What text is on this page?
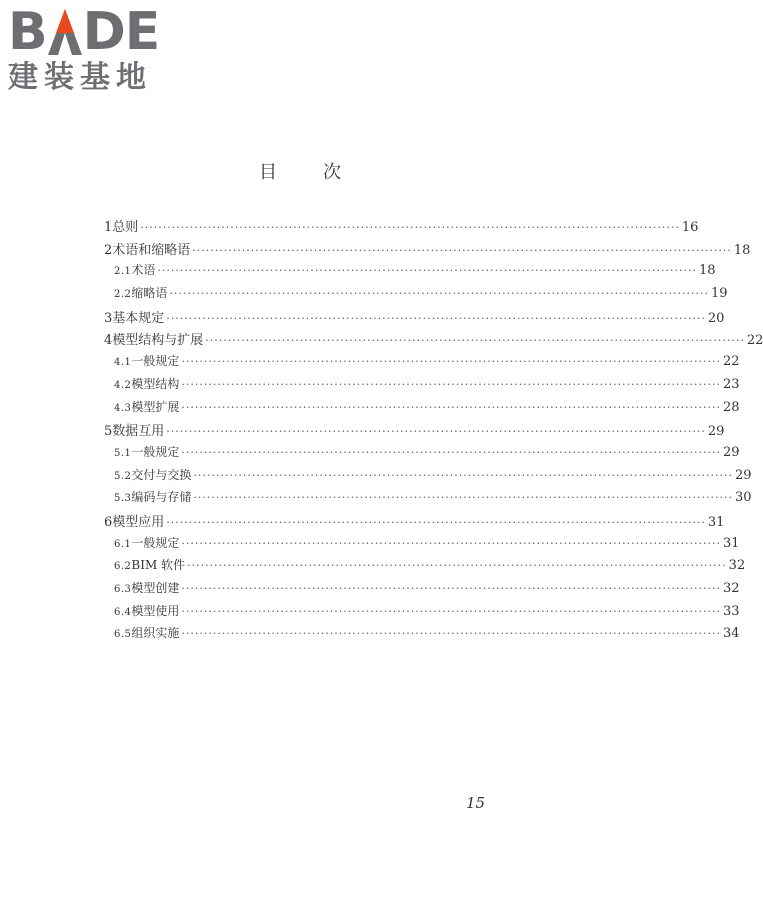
B DE
建装基地
目次
1 总则 ························································································································ 16
2 术语和缩略语 ························································································································ 18
2.1 术语 ························································································································ 18
2.2 缩略语 ························································································································ 19
3 基本规定 ························································································································ 20
4 模型结构与扩展 ························································································································ 22
4.1 一般规定 ························································································································ 22
4.2 模型结构 ························································································································ 23
4.3 模型扩展 ························································································································ 28
5 数据互用 ························································································································ 29
5.1 一般规定 ························································································································ 29
5.2 交付与交换 ························································································································ 29
5.3 编码与存储 ························································································································ 30
6 模型应用 ························································································································ 31
6.1 一般规定 ························································································································ 31
6.2 BIM 软件 ························································································································ 32
6.3 模型创建 ························································································································ 32
6.4 模型使用 ························································································································ 33
6.5 组织实施 ························································································································ 34
15
